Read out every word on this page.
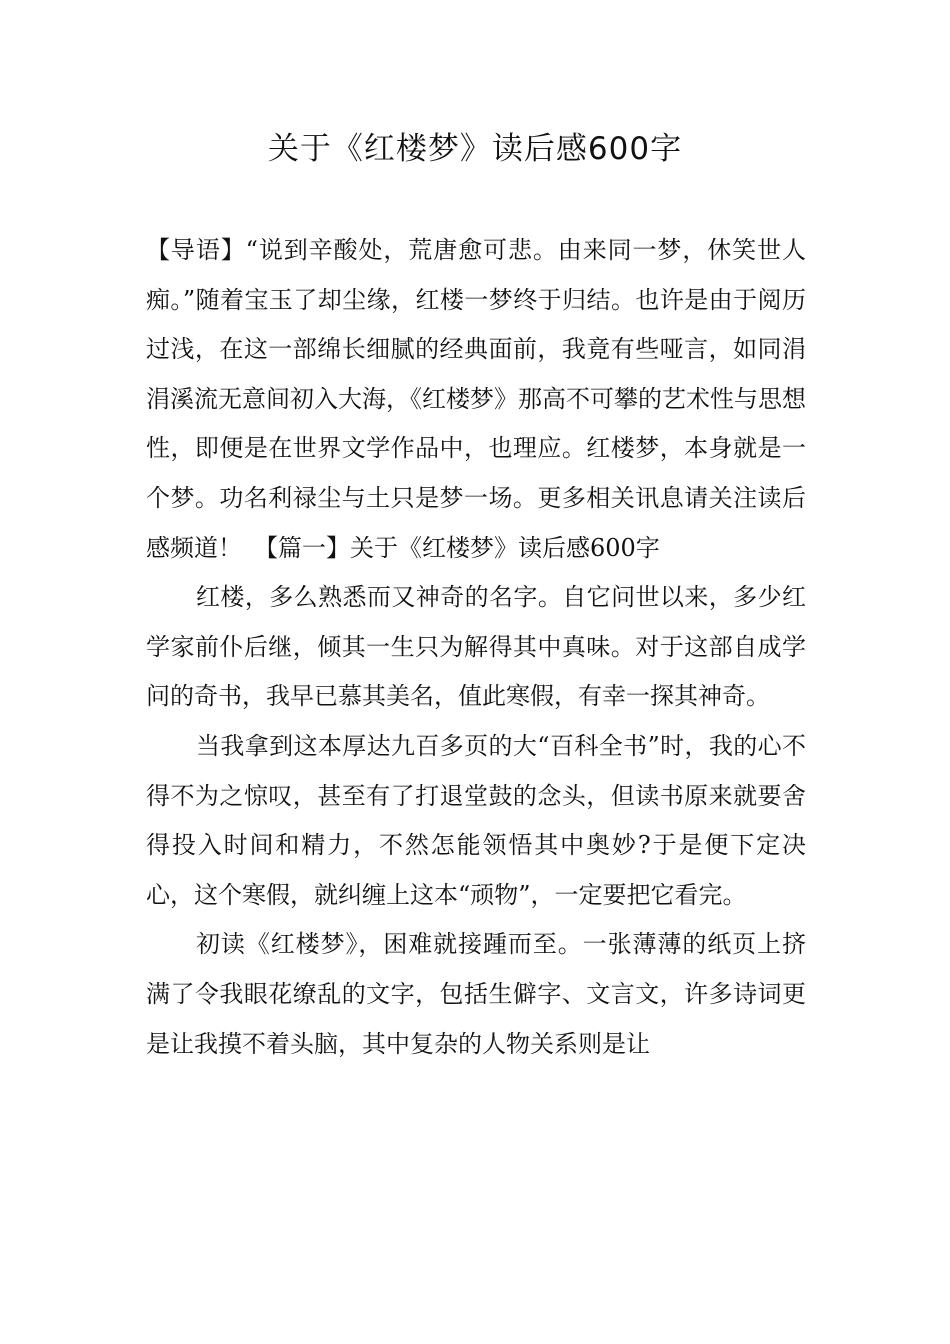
关于《红楼梦》读后感600字

【导语】“说到辛酸处，荒唐愈可悲。由来同一梦，休笑世人痴。”随着宝玉了却尘缘，红楼一梦终于归结。也许是由于阅历过浅，在这一部绵长细腻的经典面前，我竟有些哑言，如同涓涓溪流无意间初入大海，《红楼梦》那高不可攀的艺术性与思想性，即便是在世界文学作品中，也理应。红楼梦，本身就是一个梦。功名利禄尘与土只是梦一场。更多相关讯息请关注读后感频道！　【篇一】关于《红楼梦》读后感600字

红楼，多么熟悉而又神奇的名字。自它问世以来，多少红学家前仆后继，倾其一生只为解得其中真味。对于这部自成学问的奇书，我早已慕其美名，值此寒假，有幸一探其神奇。

当我拿到这本厚达九百多页的大“百科全书”时，我的心不得不为之惊叹，甚至有了打退堂鼓的念头，但读书原来就要舍得投入时间和精力，不然怎能领悟其中奥妙?于是便下定决心，这个寒假，就纠缠上这本“顽物”，一定要把它看完。

初读《红楼梦》，困难就接踵而至。一张薄薄的纸页上挤满了令我眼花缭乱的文字，包括生僻字、文言文，许多诗词更是让我摸不着头脑，其中复杂的人物关系则是让
